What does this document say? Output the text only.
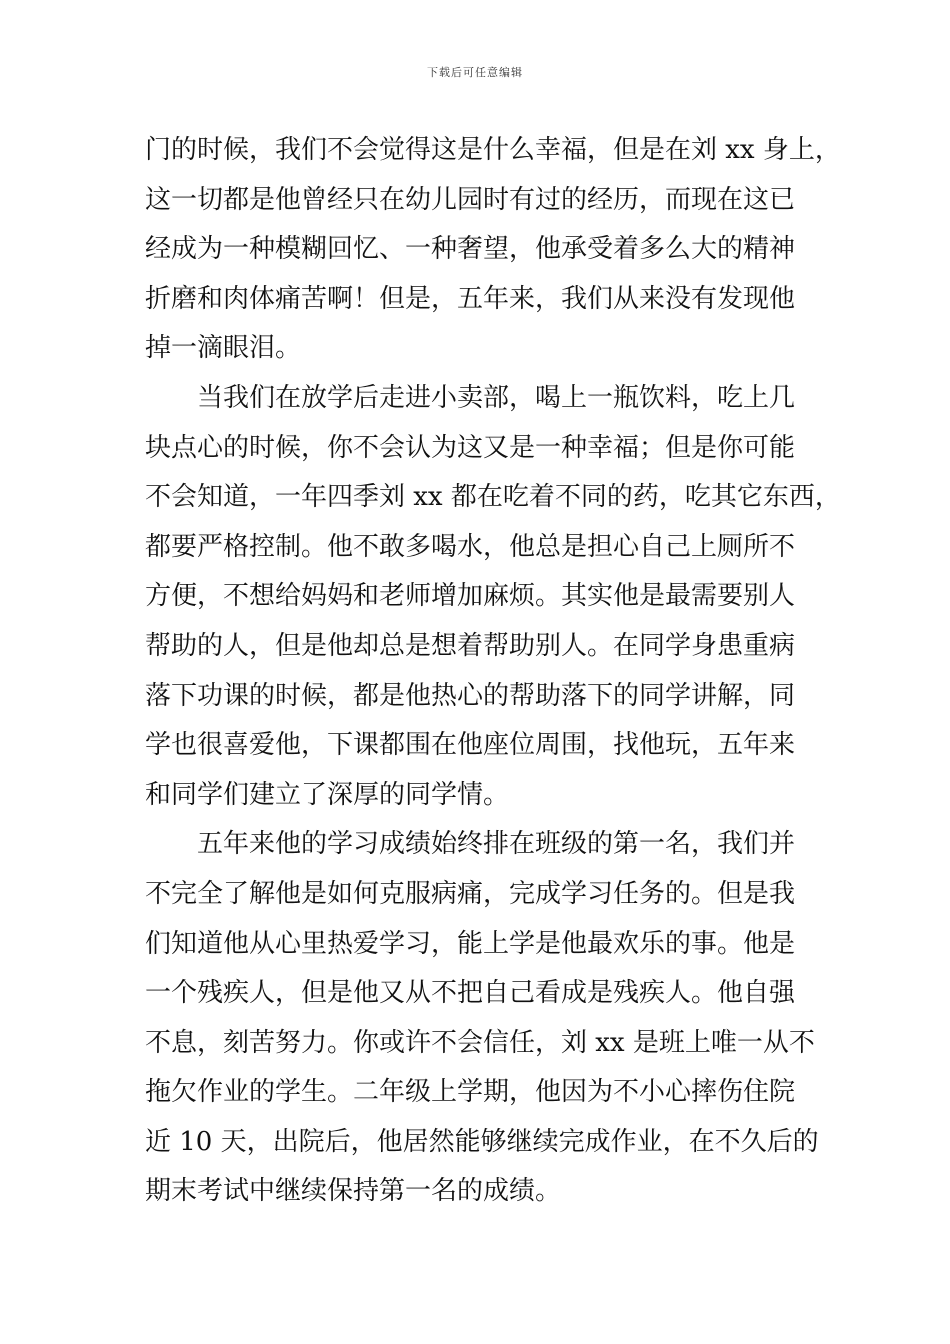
下载后可任意编辑
门的时候，我们不会觉得这是什么幸福，但是在刘 xx 身上，
这一切都是他曾经只在幼儿园时有过的经历，而现在这已
经成为一种模糊回忆、一种奢望，他承受着多么大的精神
折磨和肉体痛苦啊！但是，五年来，我们从来没有发现他
掉一滴眼泪。
　　当我们在放学后走进小卖部，喝上一瓶饮料，吃上几
块点心的时候，你不会认为这又是一种幸福；但是你可能
不会知道，一年四季刘 xx 都在吃着不同的药，吃其它东西，
都要严格控制。他不敢多喝水，他总是担心自己上厕所不
方便，不想给妈妈和老师增加麻烦。其实他是最需要别人
帮助的人，但是他却总是想着帮助别人。在同学身患重病
落下功课的时候，都是他热心的帮助落下的同学讲解，同
学也很喜爱他，下课都围在他座位周围，找他玩，五年来
和同学们建立了深厚的同学情。
　　五年来他的学习成绩始终排在班级的第一名，我们并
不完全了解他是如何克服病痛，完成学习任务的。但是我
们知道他从心里热爱学习，能上学是他最欢乐的事。他是
一个残疾人，但是他又从不把自己看成是残疾人。他自强
不息，刻苦努力。你或许不会信任，刘 xx 是班上唯一从不
拖欠作业的学生。二年级上学期，他因为不小心摔伤住院
近 10 天，出院后，他居然能够继续完成作业，在不久后的
期末考试中继续保持第一名的成绩。
